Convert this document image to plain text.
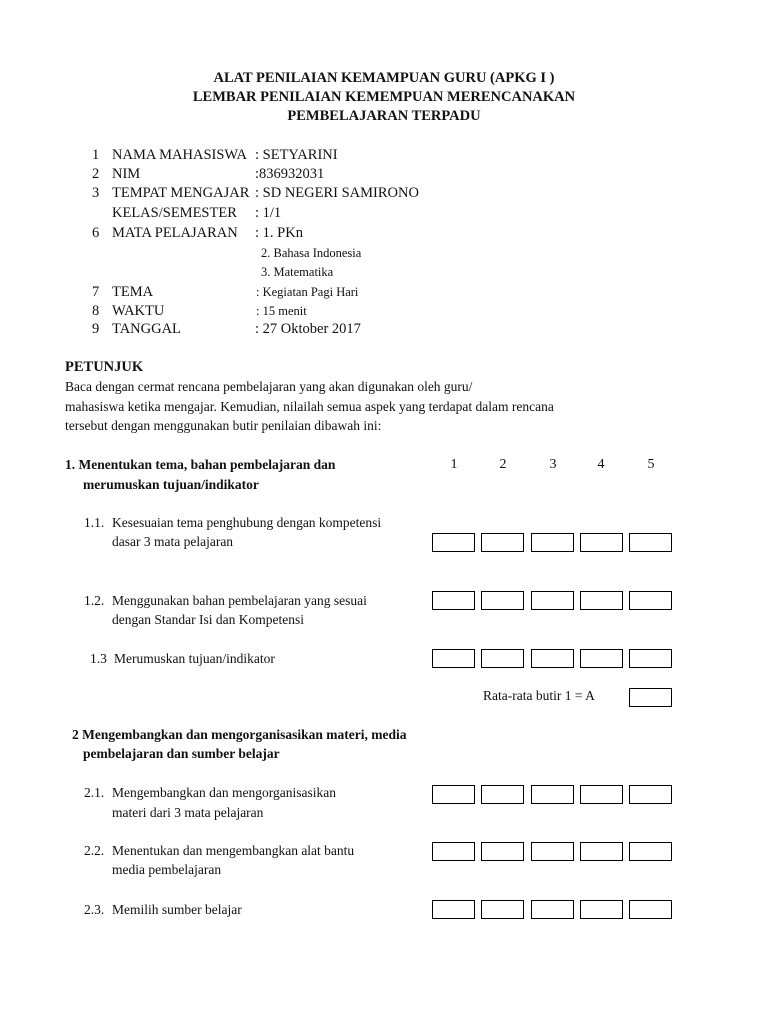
ALAT PENILAIAN KEMAMPUAN GURU (APKG I )
LEMBAR PENILAIAN KEMEMPUAN MERENCANAKAN
PEMBELAJARAN TERPADU
1 NAMA MAHASISWA : SETYARINI
2 NIM	:836932031
3 TEMPAT MENGAJAR : SD NEGERI SAMIRONO
KELAS/SEMESTER : 1/1
6 MATA PELAJARAN : 1. PKn
2. Bahasa Indonesia
3. Matematika
7 TEMA	: Kegiatan Pagi Hari
8 WAKTU	: 15 menit
9 TANGGAL	: 27 Oktober 2017
PETUNJUK
Baca dengan cermat rencana pembelajaran yang akan digunakan oleh guru/
mahasiswa ketika mengajar. Kemudian, nilailah semua aspek yang terdapat dalam rencana
tersebut dengan menggunakan butir penilaian dibawah ini:
1. Menentukan tema, bahan pembelajaran dan
merumuskan tujuan/indikator
1	2	3	4	5
1.1. Kesesuaian tema penghubung dengan kompetensi
dasar 3 mata pelajaran
1.2. Menggunakan bahan pembelajaran yang sesuai
dengan Standar Isi dan Kompetensi
1.3 Merumuskan tujuan/indikator
Rata-rata butir 1 = A
2 Mengembangkan dan mengorganisasikan materi, media
pembelajaran dan sumber belajar
2.1. Mengembangkan dan mengorganisasikan
materi dari 3 mata pelajaran
2.2. Menentukan dan mengembangkan alat bantu
media pembelajaran
2.3. Memilih sumber belajar
